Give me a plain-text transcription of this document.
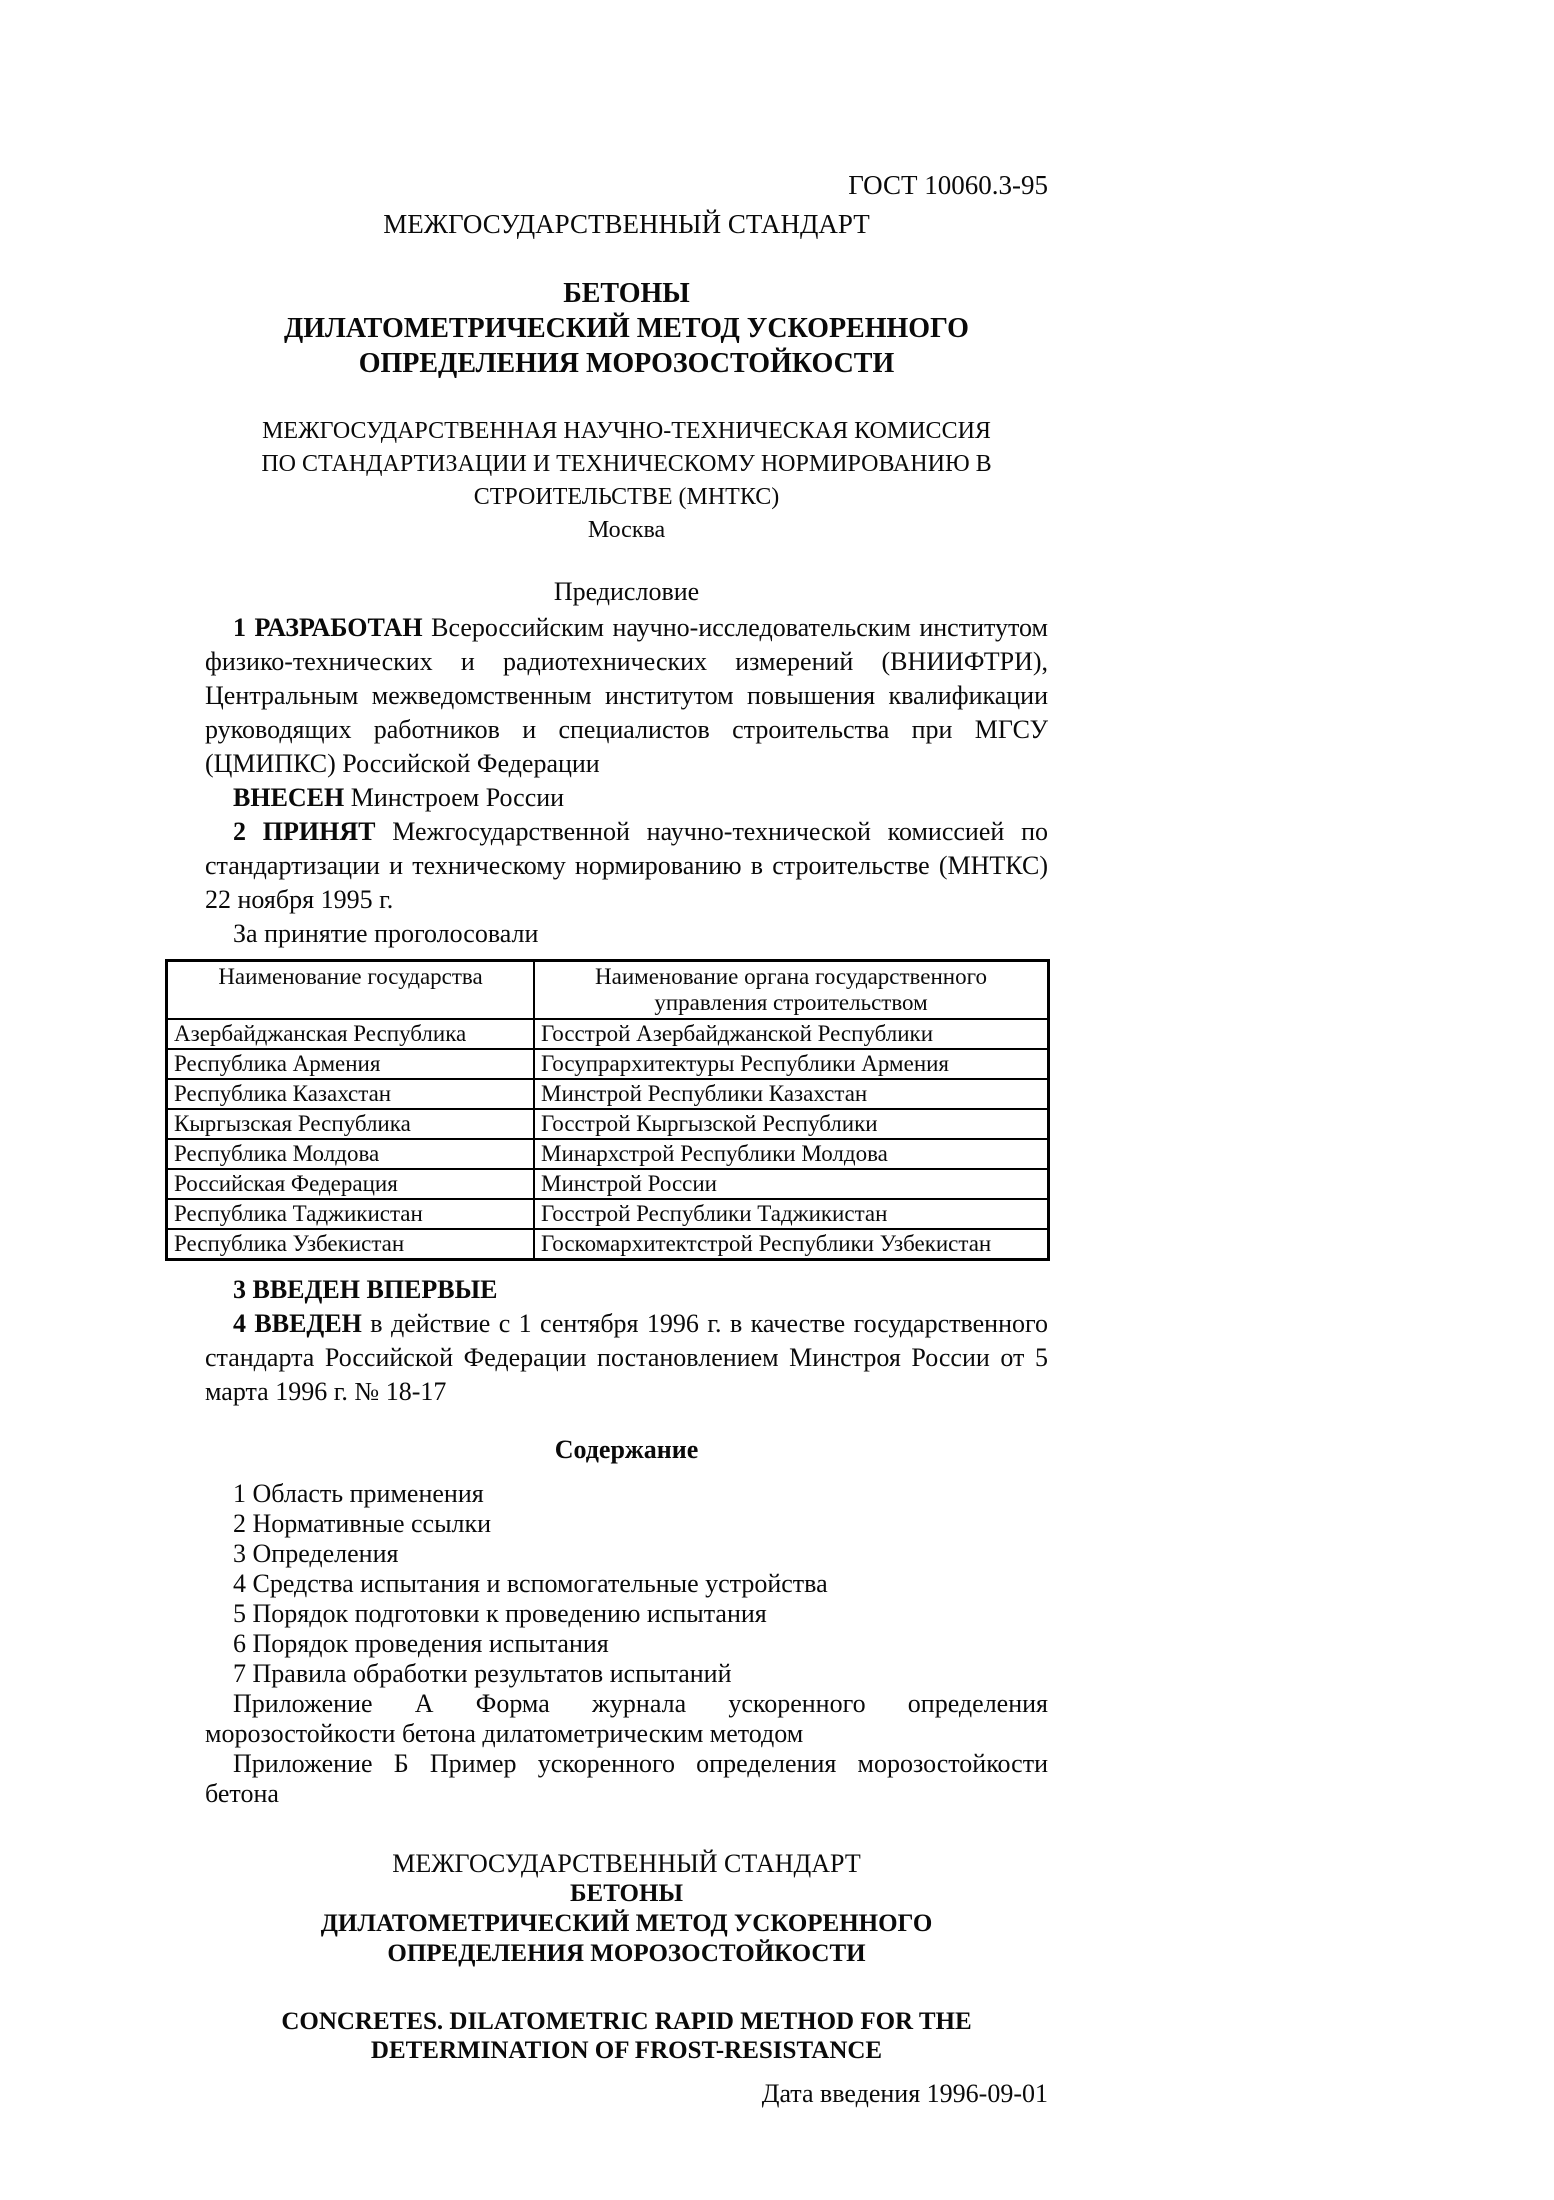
ГОСТ 10060.3-95
МЕЖГОСУДАРСТВЕННЫЙ СТАНДАРТ
БЕТОНЫ
ДИЛАТОМЕТРИЧЕСКИЙ МЕТОД УСКОРЕННОГО
ОПРЕДЕЛЕНИЯ МОРОЗОСТОЙКОСТИ
МЕЖГОСУДАРСТВЕННАЯ НАУЧНО-ТЕХНИЧЕСКАЯ КОМИССИЯ
ПО СТАНДАРТИЗАЦИИ И ТЕХНИЧЕСКОМУ НОРМИРОВАНИЮ В
СТРОИТЕЛЬСТВЕ (МНТКС)
Москва
Предисловие

1 РАЗРАБОТАН Всероссийским научно-исследовательским институтом физико-технических и радиотехнических измерений (ВНИИФТРИ), Центральным межведомственным институтом повышения квалификации руководящих работников и специалистов строительства при МГСУ (ЦМИПКС) Российской Федерации

ВНЕСЕН Минстроем России

2 ПРИНЯТ Межгосударственной научно-технической комиссией по стандартизации и техническому нормированию в строительстве (МНТКС) 22 ноября 1995 г.

За принятие проголосовали

Наименование государства	Наименование органа государственного управления строительством
Азербайджанская Республика	Госстрой Азербайджанской Республики
Республика Армения	Госупрархитектуры Республики Армения
Республика Казахстан	Минстрой Республики Казахстан
Кыргызская Республика	Госстрой Кыргызской Республики
Республика Молдова	Минархстрой Республики Молдова
Российская Федерация	Минстрой России
Республика Таджикистан	Госстрой Республики Таджикистан
Республика Узбекистан	Госкомархитектстрой Республики Узбекистан
3 ВВЕДЕН ВПЕРВЫЕ

4 ВВЕДЕН в действие с 1 сентября 1996 г. в качестве государственного стандарта Российской Федерации постановлением Минстроя России от 5 марта 1996 г. № 18-17

Содержание
1 Область применения
2 Нормативные ссылки
3 Определения
4 Средства испытания и вспомогательные устройства
5 Порядок подготовки к проведению испытания
6 Порядок проведения испытания
7 Правила обработки результатов испытаний

Приложение А Форма журнала ускоренного определения морозостойкости бетона дилатометрическим методом

Приложение Б Пример ускоренного определения морозостойкости бетона

МЕЖГОСУДАРСТВЕННЫЙ СТАНДАРТ
БЕТОНЫ
ДИЛАТОМЕТРИЧЕСКИЙ МЕТОД УСКОРЕННОГО
ОПРЕДЕЛЕНИЯ МОРОЗОСТОЙКОСТИ
CONCRETES. DILATOMETRIC RAPID METHOD FOR THE
DETERMINATION OF FROST-RESISTANCE
Дата введения 1996-09-01
